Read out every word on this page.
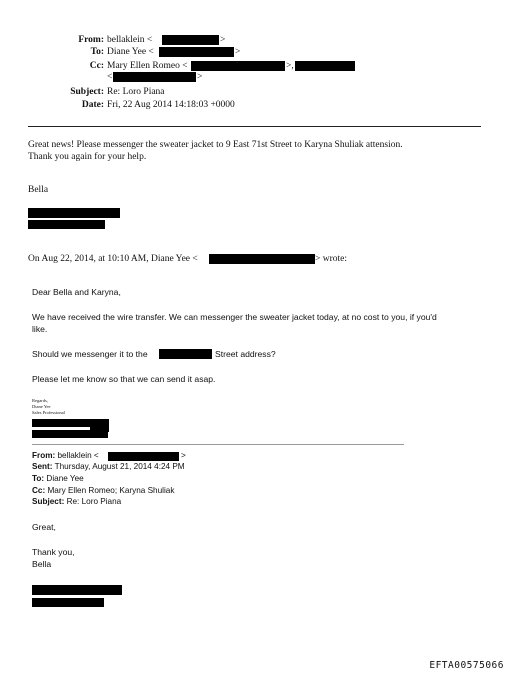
From: bellaklein <	>
To: Diane Yee <	>
Cc: Mary Ellen Romeo <	>,
<	>
Subject: Re: Loro Piana
Date: Fri, 22 Aug 2014 14:18:03 +0000
Great news! Please messenger the sweater jacket to 9 East 71st Street to Karyna Shuliak attension.
Thank you again for your help.
Bella
On Aug 22, 2014, at 10:10 AM, Diane Yee <	> wrote:
Dear Bella and Karyna,
We have received the wire transfer. We can messenger the sweater jacket today, at no cost to you, if you'd
like.
Should we messenger it to the	Street address?
Please let me know so that we can send it asap.
Regards,
Diane Yee
Sales Professional
From: bellaklein <	>
Sent: Thursday, August 21, 2014 4:24 PM
To: Diane Yee
Cc: Mary Ellen Romeo; Karyna Shuliak
Subject: Re: Loro Piana
Great,
Thank you,
Bella
EFTA00575066
